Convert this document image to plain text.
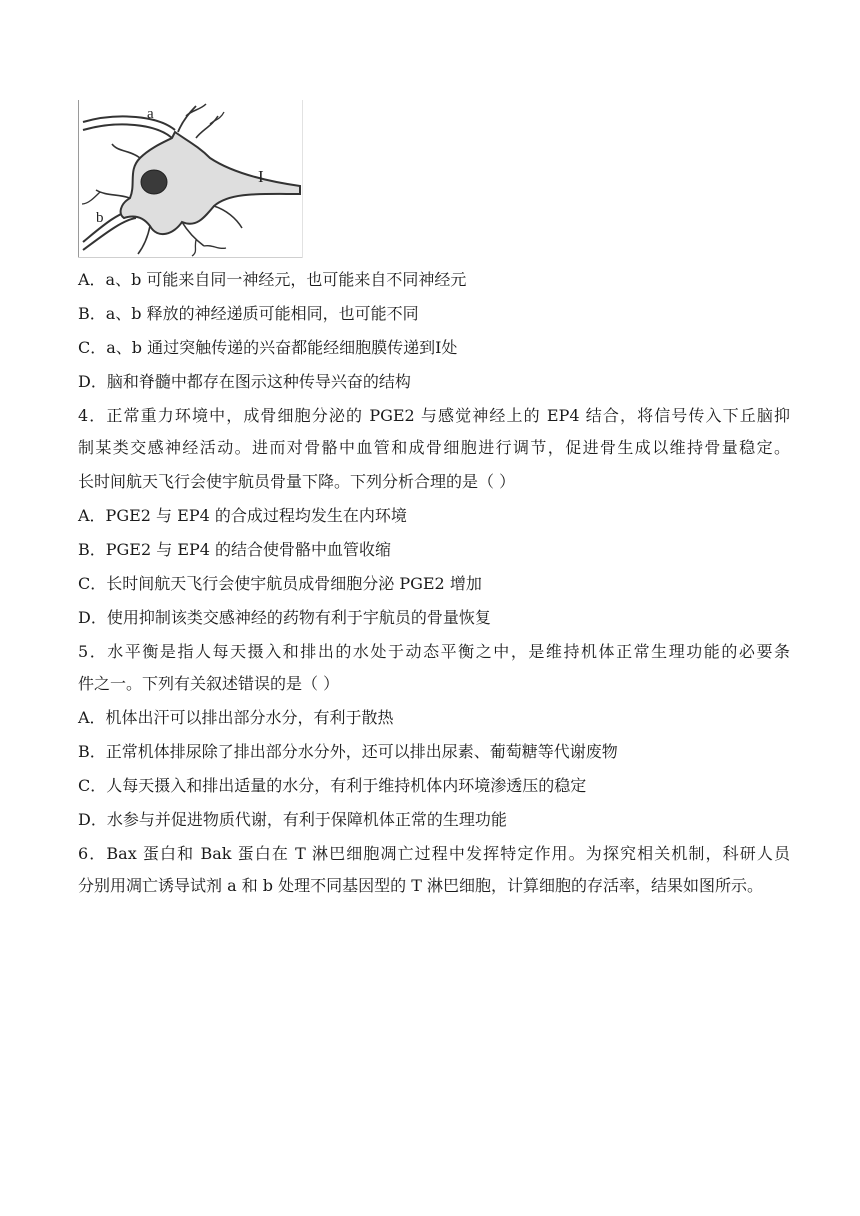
a
b
I
A．a、b 可能来自同一神经元，也可能来自不同神经元
B．a、b 释放的神经递质可能相同，也可能不同
C．a、b 通过突触传递的兴奋都能经细胞膜传递到Ⅰ处
D．脑和脊髓中都存在图示这种传导兴奋的结构
4．正常重力环境中，成骨细胞分泌的 PGE2 与感觉神经上的 EP4 结合，将信号传入下丘脑抑
制某类交感神经活动。进而对骨骼中血管和成骨细胞进行调节，促进骨生成以维持骨量稳定。
长时间航天飞行会使宇航员骨量下降。下列分析合理的是（ ）
A．PGE2 与 EP4 的合成过程均发生在内环境
B．PGE2 与 EP4 的结合使骨骼中血管收缩
C．长时间航天飞行会使宇航员成骨细胞分泌 PGE2 增加
D．使用抑制该类交感神经的药物有利于宇航员的骨量恢复
5．水平衡是指人每天摄入和排出的水处于动态平衡之中，是维持机体正常生理功能的必要条
件之一。下列有关叙述错误的是（ ）
A．机体出汗可以排出部分水分，有利于散热
B．正常机体排尿除了排出部分水分外，还可以排出尿素、葡萄糖等代谢废物
C．人每天摄入和排出适量的水分，有利于维持机体内环境渗透压的稳定
D．水参与并促进物质代谢，有利于保障机体正常的生理功能
6．Bax 蛋白和 Bak 蛋白在 T 淋巴细胞凋亡过程中发挥特定作用。为探究相关机制，科研人员
分别用凋亡诱导试剂 a 和 b 处理不同基因型的 T 淋巴细胞，计算细胞的存活率，结果如图所示。
